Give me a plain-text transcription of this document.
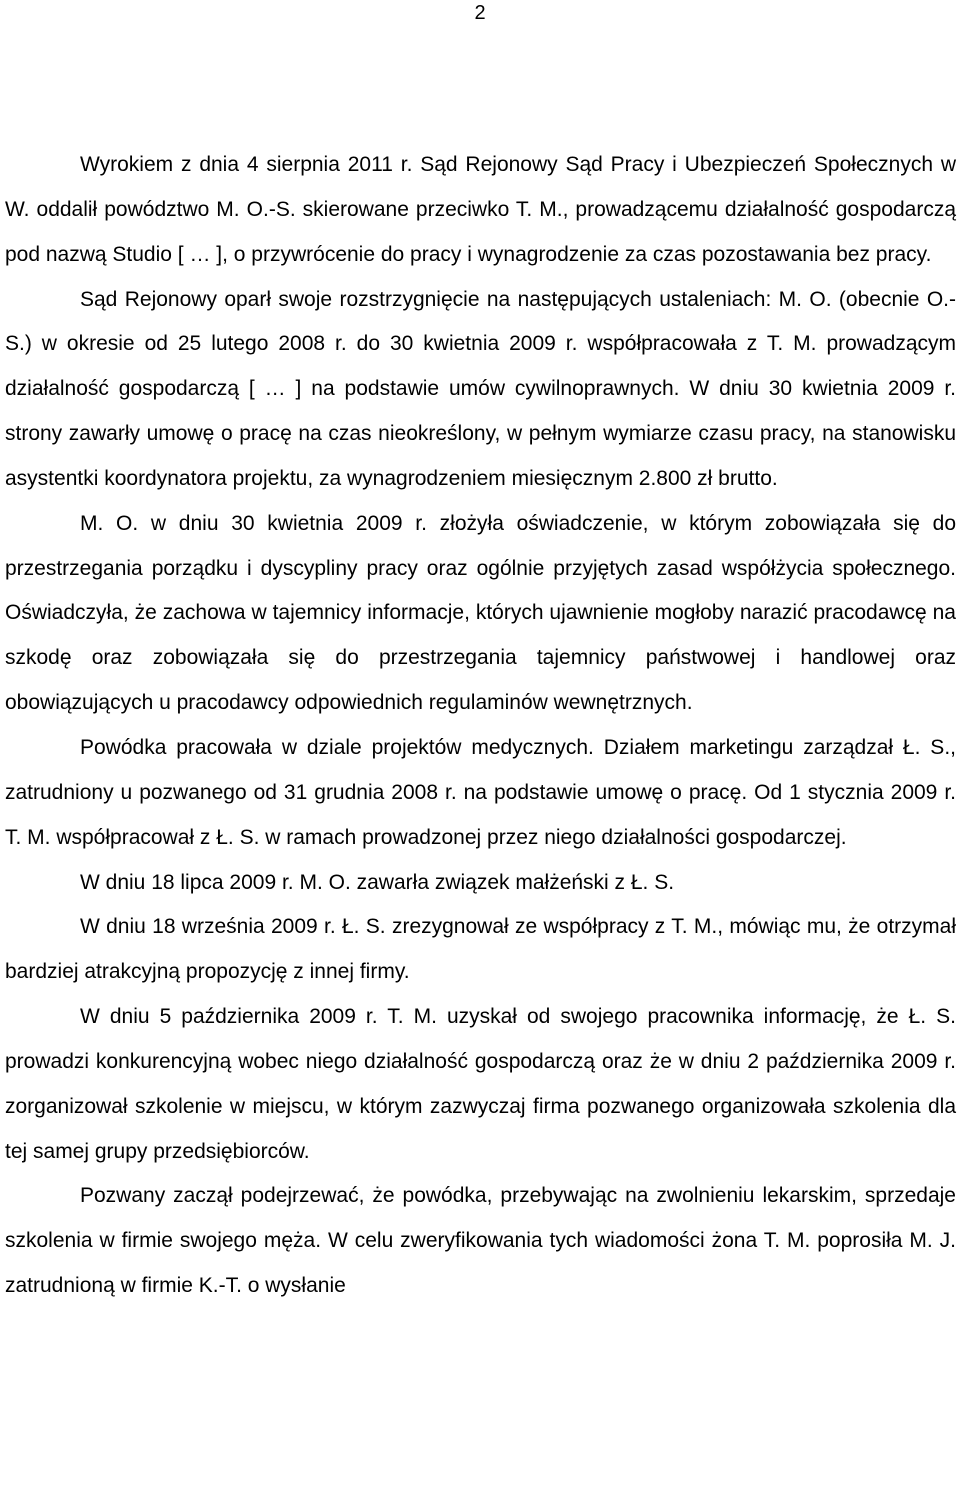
2

Wyrokiem z dnia 4 sierpnia 2011 r. Sąd Rejonowy Sąd Pracy i Ubezpieczeń Społecznych w W. oddalił powództwo M. O.-S. skierowane przeciwko T. M., prowadzącemu działalność gospodarczą pod nazwą Studio [ … ], o przywrócenie do pracy i wynagrodzenie za czas pozostawania bez pracy.

Sąd Rejonowy oparł swoje rozstrzygnięcie na następujących ustaleniach: M. O. (obecnie O.-S.) w okresie od 25 lutego 2008 r. do 30 kwietnia 2009 r. współpracowała z T. M. prowadzącym działalność gospodarczą [ … ] na podstawie umów cywilnoprawnych. W dniu 30 kwietnia 2009 r. strony zawarły umowę o pracę na czas nieokreślony, w pełnym wymiarze czasu pracy, na stanowisku asystentki koordynatora projektu, za wynagrodzeniem miesięcznym 2.800 zł brutto.

M. O. w dniu 30 kwietnia 2009 r. złożyła oświadczenie, w którym zobowiązała się do przestrzegania porządku i dyscypliny pracy oraz ogólnie przyjętych zasad współżycia społecznego. Oświadczyła, że zachowa w tajemnicy informacje, których ujawnienie mogłoby narazić pracodawcę na szkodę oraz zobowiązała się do przestrzegania tajemnicy państwowej i handlowej oraz obowiązujących u pracodawcy odpowiednich regulaminów wewnętrznych.

Powódka pracowała w dziale projektów medycznych. Działem marketingu zarządzał Ł. S., zatrudniony u pozwanego od 31 grudnia 2008 r. na podstawie umowę o pracę. Od 1 stycznia 2009 r. T. M. współpracował z Ł. S. w ramach prowadzonej przez niego działalności gospodarczej.

W dniu 18 lipca 2009 r. M. O. zawarła związek małżeński z Ł. S.

W dniu 18 września 2009 r. Ł. S. zrezygnował ze współpracy z T. M., mówiąc mu, że otrzymał bardziej atrakcyjną propozycję z innej firmy.

W dniu 5 października 2009 r. T. M. uzyskał od swojego pracownika informację, że Ł. S. prowadzi konkurencyjną wobec niego działalność gospodarczą oraz że w dniu 2 października 2009 r. zorganizował szkolenie w miejscu, w którym zazwyczaj firma pozwanego organizowała szkolenia dla tej samej grupy przedsiębiorców.

Pozwany zaczął podejrzewać, że powódka, przebywając na zwolnieniu lekarskim, sprzedaje szkolenia w firmie swojego męża. W celu zweryfikowania tych wiadomości żona T. M. poprosiła M. J. zatrudnioną w firmie K.-T. o wysłanie
